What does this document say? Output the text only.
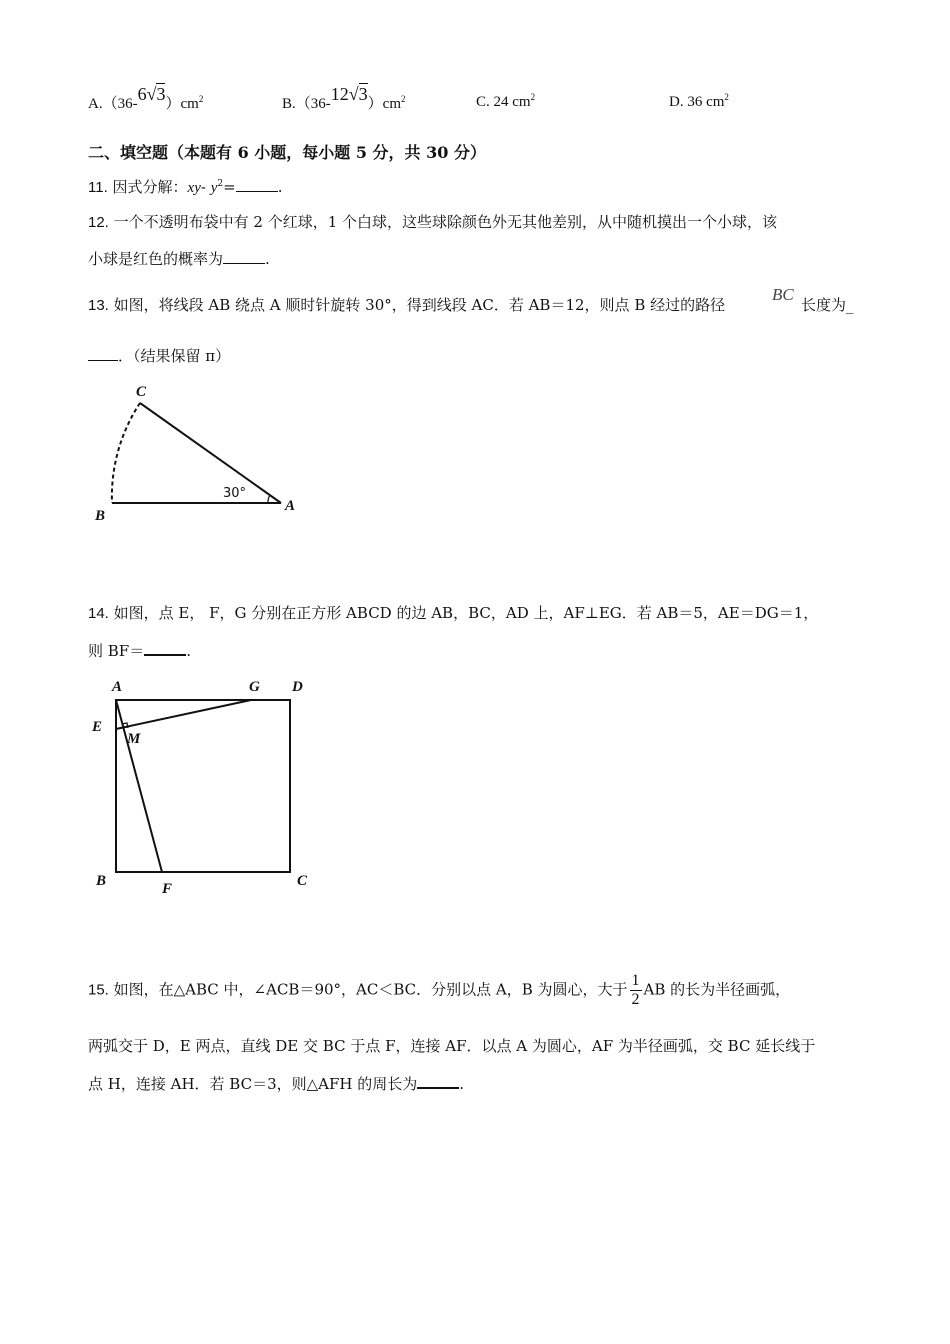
$A.(36-6√3)cm^2$	$B.(36-12√3)cm^2$	C. 24 $cm^2$	D. 36 $cm^2$
二、填空题（本题有 6 小题，每小题 5 分，共 30 分）
11. 因式分解：xy- $y^2=$	.
12. 一个不透明布袋中有 2 个红球，1 个白球，这些球除颜色外无其他差别，从中随机摸出一个小球，该
小球是红色的概率为	.
13. 如图，将线段 AB 绕点 A 顺时针旋转 30°，得到线段 AC．若 AB＝12，则点 B 经过的路径
BC
长度为_
．（结果保留 π）
C
B
A
30°
14. 如图，点 E， F，G 分别在正方形 ABCD 的边 AB，BC，AD 上，AF⊥EG．若 AB＝5，AE＝DG＝1，
则 BF＝	.
A	G D
E
M
B	F	C
15. 如图，在△ABC 中，∠ACB＝90°，AC＜BC．分别以点 A，B 为圆心，大于 $\frac{1}{2}$ AB 的长为半径画弧，
两弧交于 D，E 两点，直线 DE 交 BC 于点 F，连接 AF．以点 A 为圆心，AF 为半径画弧，交 BC 延长线于
点 H，连接 AH．若 BC＝3，则△AFH 的周长为	.
